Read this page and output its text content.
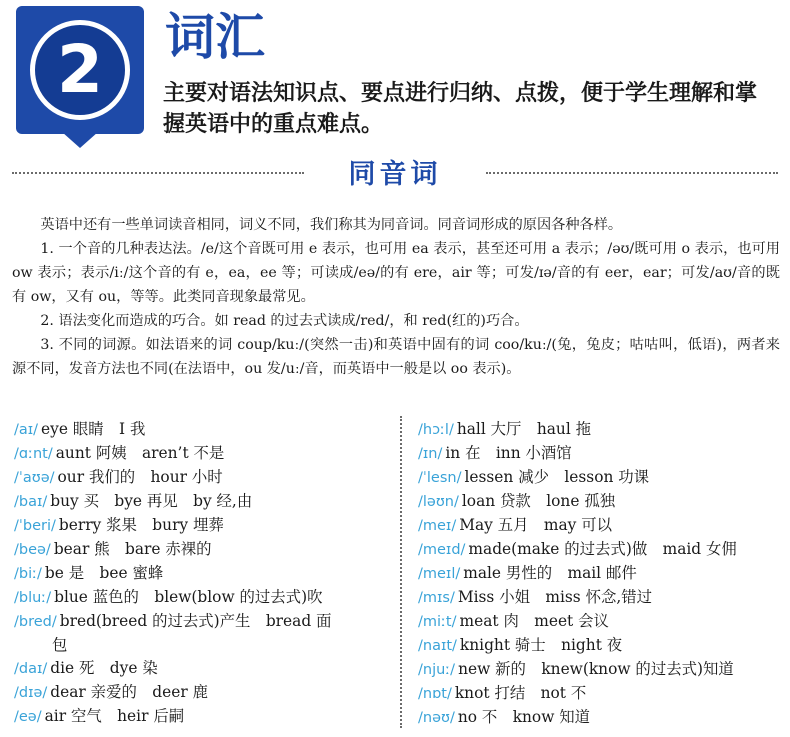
2 词汇

主要对语法知识点、要点进行归纳、点拨，便于学生理解和掌握英语中的重点难点。

同音词

英语中还有一些单词读音相同，词义不同，我们称其为同音词。同音词形成的原因各种各样。

1. 一个音的几种表达法。/e/这个音既可用 e 表示，也可用 ea 表示，甚至还可用 a 表示；/əʊ/既可用 o 表示，也可用 ow 表示；表示/iː/这个音的有 e，ea，ee 等；可读成/eə/的有 ere，air 等；可发/ɪə/音的有 eer，ear；可发/aʊ/音的既有 ow，又有 ou，等等。此类同音现象最常见。

2. 语法变化而造成的巧合。如 read 的过去式读成/red/，和 red(红的)巧合。

3. 不同的词源。如法语来的词 coup/kuː/(突然一击)和英语中固有的词 coo/kuː/(兔，兔皮；咕咕叫，低语)，两者来源不同，发音方法也不同(在法语中，ou 发/uː/音，而英语中一般是以 oo 表示)。

/aɪ/ eye 眼睛　I 我
/ɑːnt/ aunt 阿姨　aren’t 不是
/ˈaʊə/ our 我们的　hour 小时
/baɪ/ buy 买　bye 再见　by 经,由
/ˈberi/ berry 浆果　bury 埋葬
/beə/ bear 熊　bare 赤裸的
/biː/ be 是　bee 蜜蜂
/bluː/ blue 蓝色的　blew(blow 的过去式)吹
/bred/ bred(breed 的过去式)产生　bread 面
包
/daɪ/ die 死　dye 染
/dɪə/ dear 亲爱的　deer 鹿
/eə/ air 空气　heir 后嗣
/hɔːl/ hall 大厅　haul 拖
/ɪn/ in 在　inn 小酒馆
/ˈlesn/ lessen 减少　lesson 功课
/ləʊn/ loan 贷款　lone 孤独
/meɪ/ May 五月　may 可以
/meɪd/ made(make 的过去式)做　maid 女佣
/meɪl/ male 男性的　mail 邮件
/mɪs/ Miss 小姐　miss 怀念,错过
/miːt/ meat 肉　meet 会议
/naɪt/ knight 骑士　night 夜
/njuː/ new 新的　knew(know 的过去式)知道
/nɒt/ knot 打结　not 不
/nəʊ/ no 不　know 知道
